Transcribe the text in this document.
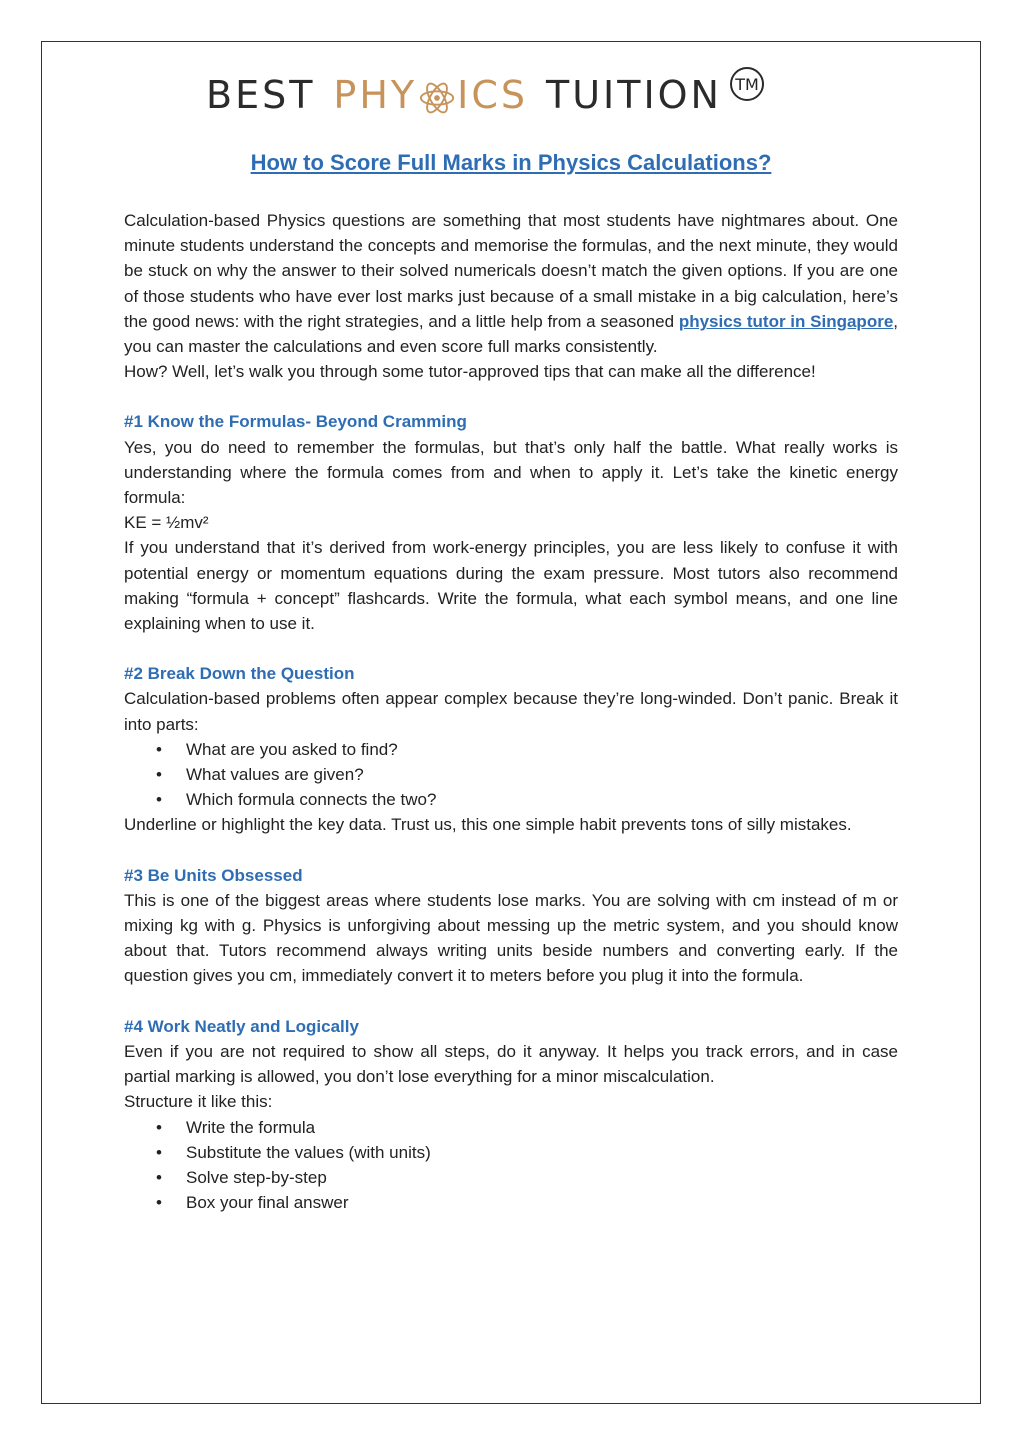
BEST PHY ICS TUITION TM
How to Score Full Marks in Physics Calculations?

Calculation-based Physics questions are something that most students have nightmares about. One minute students understand the concepts and memorise the formulas, and the next minute, they would be stuck on why the answer to their solved numericals doesn’t match the given options. If you are one of those students who have ever lost marks just because of a small mistake in a big calculation, here’s the good news: with the right strategies, and a little help from a seasoned physics tutor in Singapore, you can master the calculations and even score full marks consistently.

How? Well, let’s walk you through some tutor-approved tips that can make all the difference!

#1 Know the Formulas- Beyond Cramming

Yes, you do need to remember the formulas, but that’s only half the battle. What really works is understanding where the formula comes from and when to apply it. Let’s take the kinetic energy formula:

KE = ½mv²

If you understand that it’s derived from work-energy principles, you are less likely to confuse it with potential energy or momentum equations during the exam pressure. Most tutors also recommend making “formula + concept” flashcards. Write the formula, what each symbol means, and one line explaining when to use it.

#2 Break Down the Question

Calculation-based problems often appear complex because they’re long-winded. Don’t panic. Break it into parts:

• What are you asked to find?
• What values are given?
• Which formula connects the two?

Underline or highlight the key data. Trust us, this one simple habit prevents tons of silly mistakes.

#3 Be Units Obsessed

This is one of the biggest areas where students lose marks. You are solving with cm instead of m or mixing kg with g. Physics is unforgiving about messing up the metric system, and you should know about that. Tutors recommend always writing units beside numbers and converting early. If the question gives you cm, immediately convert it to meters before you plug it into the formula.

#4 Work Neatly and Logically

Even if you are not required to show all steps, do it anyway. It helps you track errors, and in case partial marking is allowed, you don’t lose everything for a minor miscalculation.

Structure it like this:

• Write the formula
• Substitute the values (with units)
• Solve step-by-step
• Box your final answer
